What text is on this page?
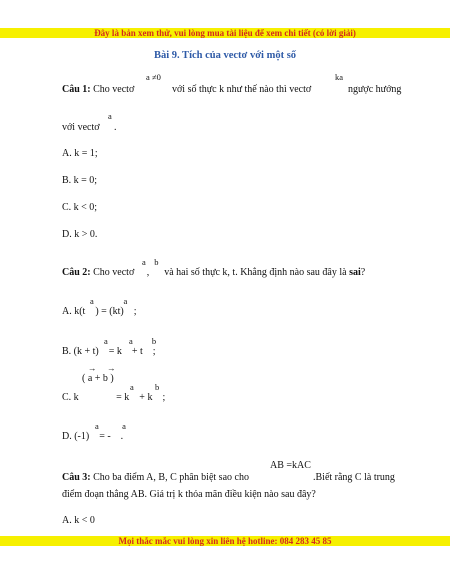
Đây là bản xem thử, vui lòng mua tài liệu để xem chi tiết (có lời giải)
Bài 9. Tích của vectơ với một số
a ≠0	ka
Câu 1: Cho vectơ	với số thực k như thế nào thì vectơ	ngược hướng
a
với vectơ .
A. k = 1;
B. k = 0;
C. k < 0;
D. k > 0.
a    b
Câu 2: Cho vectơ     ,      và hai số thực k, t. Khẳng định nào sau đây là sai?
a              a
A. k(t    ) = (kt)    ;
a          a         b
B. (k + t)    = k    + t    ;
→     →
( a + b )
a          b
C. k               = k    + k    ;
a           a
D. (-1)    = -    .
AB =kAC
Câu 3: Cho ba điểm A, B, C phân biệt sao cho	.Biết rằng C là trung
điểm đoạn thẳng AB. Giá trị k thỏa mãn điều kiện nào sau đây?
A. k < 0
Mọi thắc mắc vui lòng xin liên hệ hotline: 084 283 45 85
